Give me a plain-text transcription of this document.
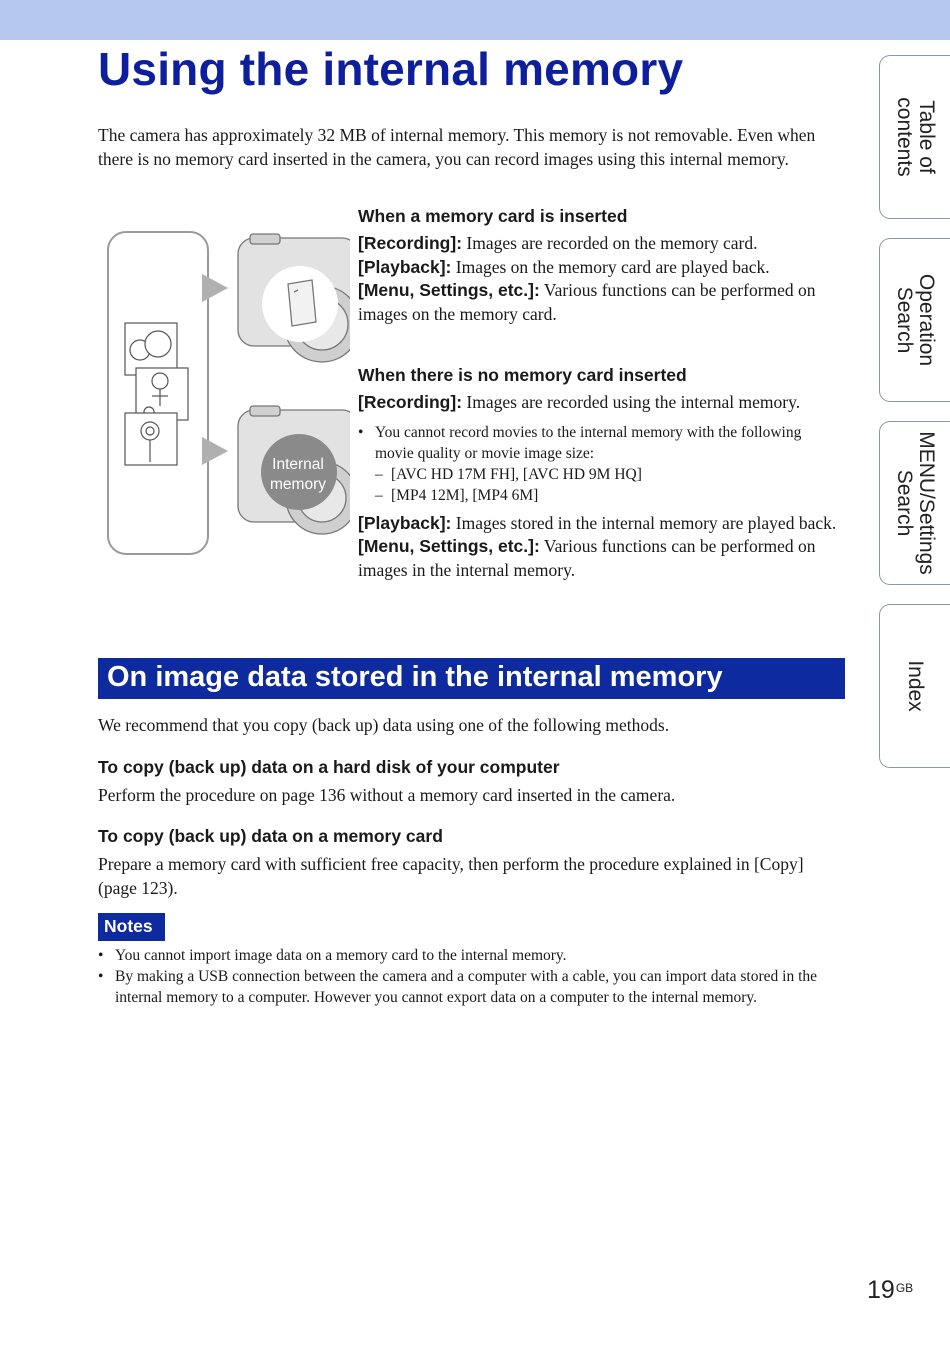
Using the internal memory

The camera has approximately 32 MB of internal memory. This memory is not removable. Even when there is no memory card inserted in the camera, you can record images using this internal memory.

Internal
memory

When a memory card is inserted

[Recording]: Images are recorded on the memory card.

[Playback]: Images on the memory card are played back.

[Menu, Settings, etc.]: Various functions can be performed on images on the memory card.

When there is no memory card inserted

[Recording]: Images are recorded using the internal memory.

• You cannot record movies to the internal memory with the following movie quality or movie image size:
– [AVC HD 17M FH], [AVC HD 9M HQ]
– [MP4 12M], [MP4 6M]

[Playback]: Images stored in the internal memory are played back.

[Menu, Settings, etc.]: Various functions can be performed on images in the internal memory.

On image data stored in the internal memory

We recommend that you copy (back up) data using one of the following methods.

To copy (back up) data on a hard disk of your computer

Perform the procedure on page 136 without a memory card inserted in the camera.

To copy (back up) data on a memory card

Prepare a memory card with sufficient free capacity, then perform the procedure explained in [Copy] (page 123).

Notes
• You cannot import image data on a memory card to the internal memory.
• By making a USB connection between the camera and a computer with a cable, you can import data stored in the internal memory to a computer. However you cannot export data on a computer to the internal memory.
Table of
contents
Operation
Search
MENU/Settings
Search
Index
$19^{GB}$
